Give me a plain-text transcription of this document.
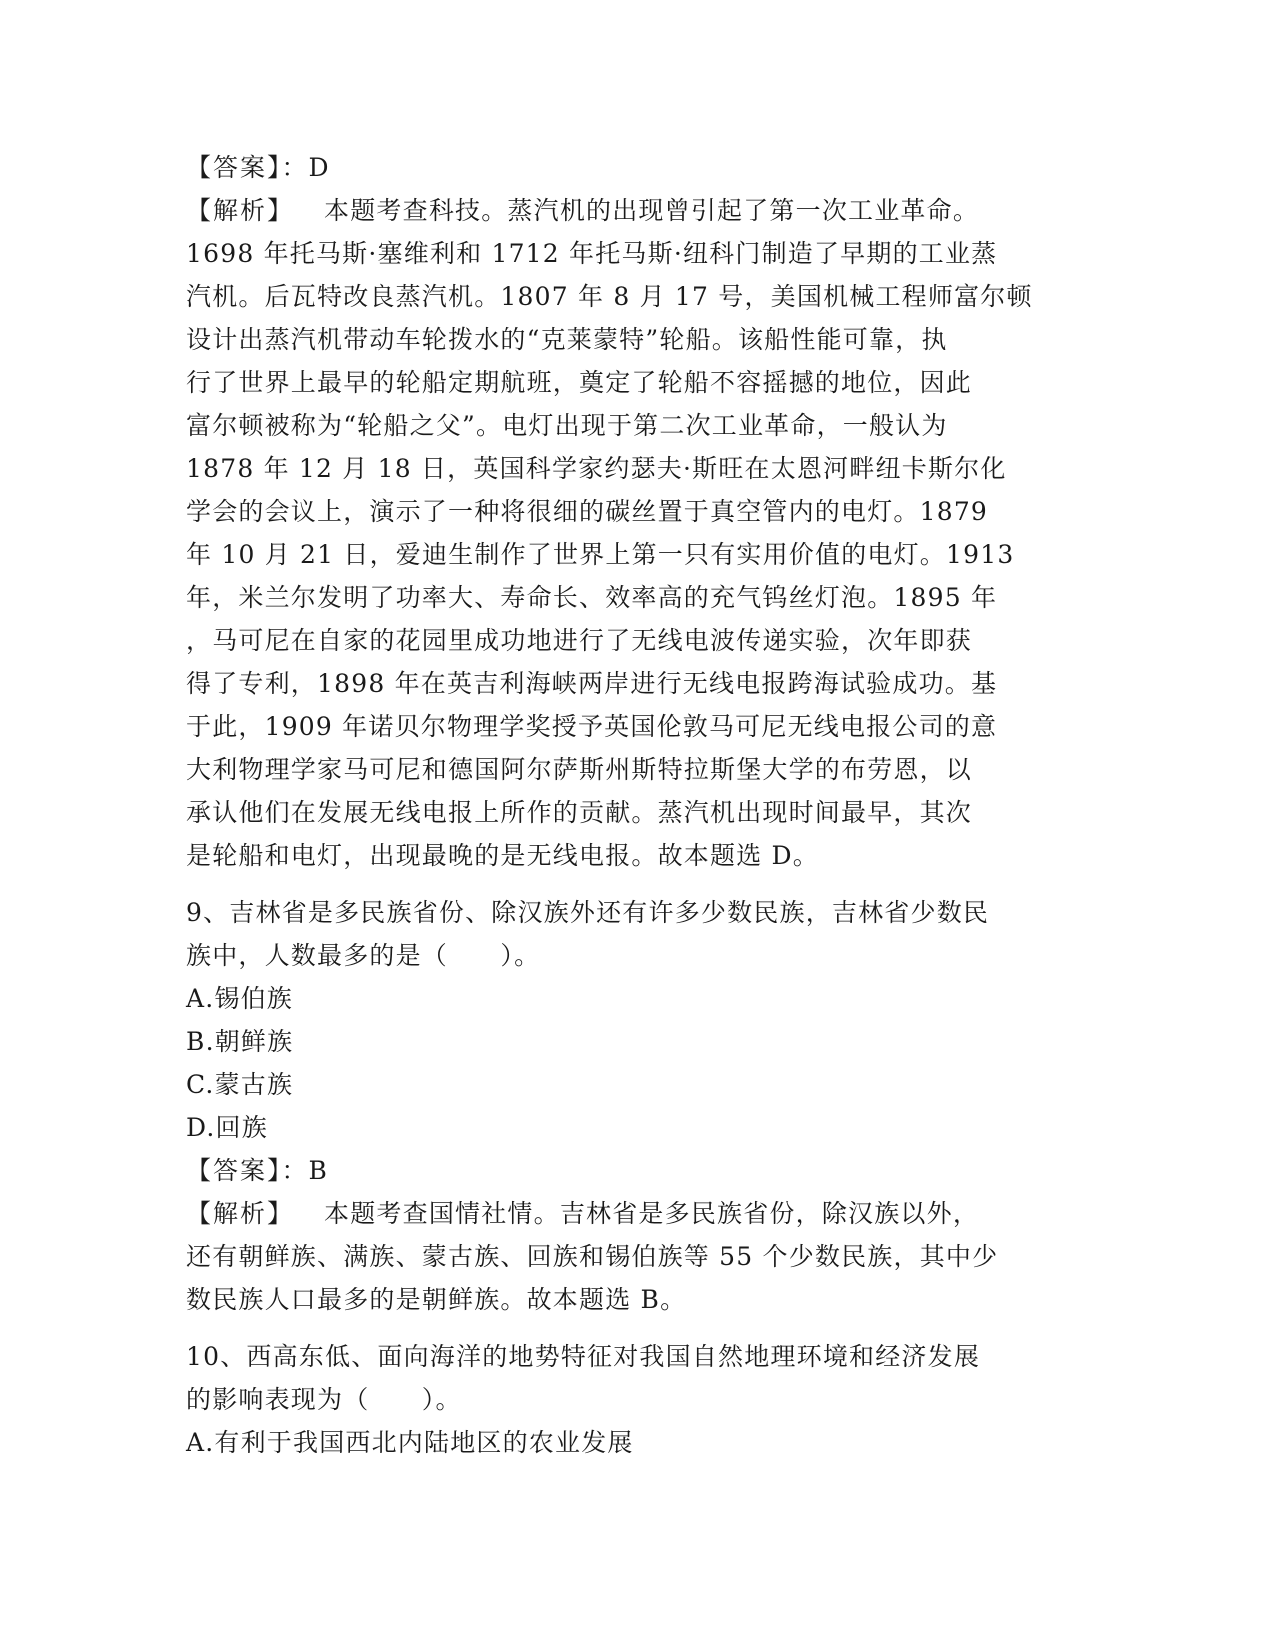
【答案】：D
【解析】 本题考查科技。蒸汽机的出现曾引起了第一次工业革命。
1698 年托马斯·塞维利和 1712 年托马斯·纽科门制造了早期的工业蒸
汽机。后瓦特改良蒸汽机。1807 年 8 月 17 号，美国机械工程师富尔顿
设计出蒸汽机带动车轮拨水的“克莱蒙特”轮船。该船性能可靠，执
行了世界上最早的轮船定期航班，奠定了轮船不容摇撼的地位，因此
富尔顿被称为“轮船之父”。电灯出现于第二次工业革命，一般认为
1878 年 12 月 18 日，英国科学家约瑟夫·斯旺在太恩河畔纽卡斯尔化
学会的会议上，演示了一种将很细的碳丝置于真空管内的电灯。1879
年 10 月 21 日，爱迪生制作了世界上第一只有实用价值的电灯。1913
年，米兰尔发明了功率大、寿命长、效率高的充气钨丝灯泡。1895 年
，马可尼在自家的花园里成功地进行了无线电波传递实验，次年即获
得了专利，1898 年在英吉利海峡两岸进行无线电报跨海试验成功。基
于此，1909 年诺贝尔物理学奖授予英国伦敦马可尼无线电报公司的意
大利物理学家马可尼和德国阿尔萨斯州斯特拉斯堡大学的布劳恩，以
承认他们在发展无线电报上所作的贡献。蒸汽机出现时间最早，其次
是轮船和电灯，出现最晚的是无线电报。故本题选 D。
9、吉林省是多民族省份、除汉族外还有许多少数民族，吉林省少数民
族中，人数最多的是（　　）。
A.锡伯族
B.朝鲜族
C.蒙古族
D.回族
【答案】：B
【解析】 本题考查国情社情。吉林省是多民族省份，除汉族以外，
还有朝鲜族、满族、蒙古族、回族和锡伯族等 55 个少数民族，其中少
数民族人口最多的是朝鲜族。故本题选 B。
10、西高东低、面向海洋的地势特征对我国自然地理环境和经济发展
的影响表现为（　　）。
A.有利于我国西北内陆地区的农业发展
